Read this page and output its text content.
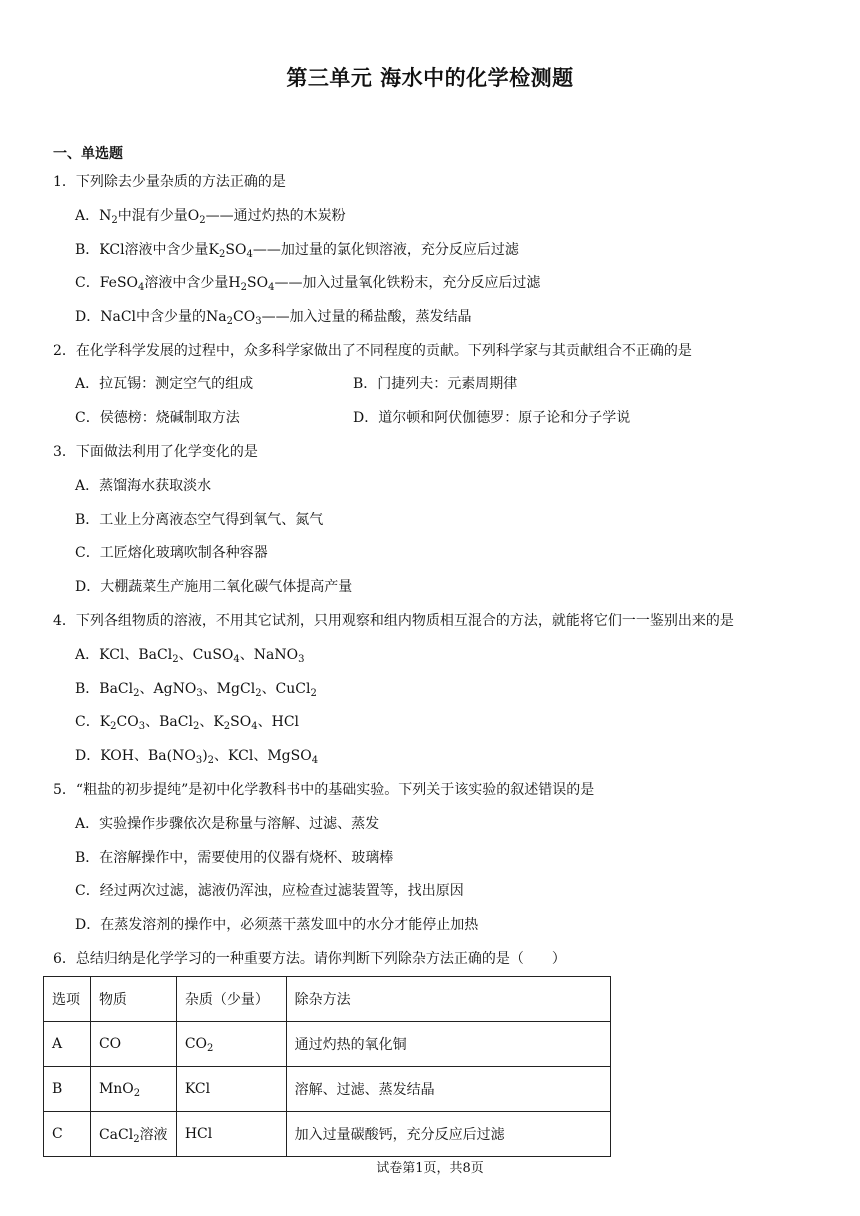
第三单元 海水中的化学检测题
一、单选题
1．下列除去少量杂质的方法正确的是
A．$N_2$中混有少量$O_2——$通过灼热的木炭粉
B．KCl溶液中含少量$K_2SO_4——$加过量的氯化钡溶液，充分反应后过滤
C．FeSO$_4$溶液中含少量$H_2SO_4——$加入过量氧化铁粉末，充分反应后过滤
D．NaCl中含少量的$Na_2CO_3——$加入过量的稀盐酸，蒸发结晶
2．在化学科学发展的过程中，众多科学家做出了不同程度的贡献。下列科学家与其贡献组合不正确的是
A．拉瓦锡：测定空气的组成	B．门捷列夫：元素周期律
C．侯德榜：烧碱制取方法	D．道尔顿和阿伏伽德罗：原子论和分子学说
3．下面做法利用了化学变化的是
A．蒸馏海水获取淡水
B．工业上分离液态空气得到氧气、氮气
C．工匠熔化玻璃吹制各种容器
D．大棚蔬菜生产施用二氧化碳气体提高产量
4．下列各组物质的溶液，不用其它试剂，只用观察和组内物质相互混合的方法，就能将它们一一鉴别出来的是
A．KCl、BaCl$_2$、CuSO$_4$、NaNO$_3$
B．BaCl$_2$、AgNO$_3$、MgCl$_2$、CuCl$_2$
C．$K_2CO_3$、BaCl$_2$、$K_2SO_4$、HCl
D．KOH、$Ba(NO_3)_2$、KCl、MgSO$_4$
5．“粗盐的初步提纯”是初中化学教科书中的基础实验。下列关于该实验的叙述错误的是
A．实验操作步骤依次是称量与溶解、过滤、蒸发
B．在溶解操作中，需要使用的仪器有烧杯、玻璃棒
C．经过两次过滤，滤液仍浑浊，应检查过滤装置等，找出原因
D．在蒸发溶剂的操作中，必须蒸干蒸发皿中的水分才能停止加热
6．总结归纳是化学学习的一种重要方法。请你判断下列除杂方法正确的是（　　）
选项	物质	杂质（少量）	除杂方法
A	CO	$CO_2$	通过灼热的氧化铜
B	MnO$_2$	KCl	溶解、过滤、蒸发结晶
C	CaCl$_2$溶液	HCl	加入过量碳酸钙，充分反应后过滤
试卷第1页，共8页
